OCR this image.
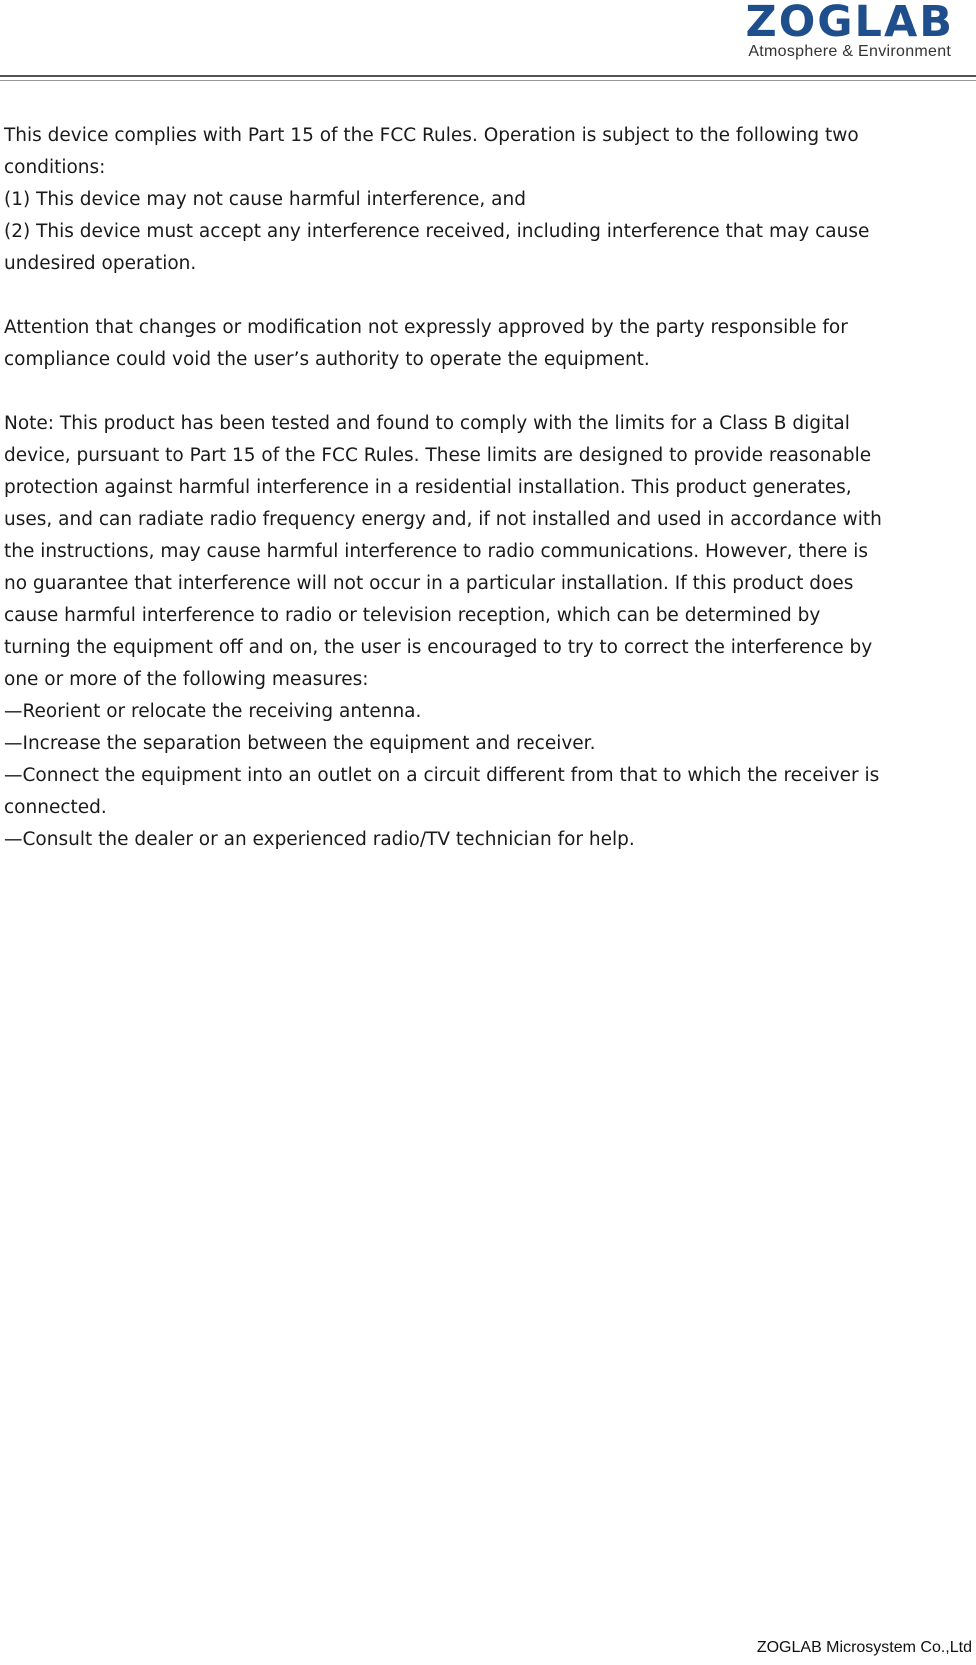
ZOGLAB
Atmosphere & Environment
This device complies with Part 15 of the FCC Rules. Operation is subject to the following two
conditions:
(1) This device may not cause harmful interference, and
(2) This device must accept any interference received, including interference that may cause
undesired operation.
Attention that changes or modification not expressly approved by the party responsible for
compliance could void the user’s authority to operate the equipment.
Note: This product has been tested and found to comply with the limits for a Class B digital
device, pursuant to Part 15 of the FCC Rules. These limits are designed to provide reasonable
protection against harmful interference in a residential installation. This product generates,
uses, and can radiate radio frequency energy and, if not installed and used in accordance with
the instructions, may cause harmful interference to radio communications. However, there is
no guarantee that interference will not occur in a particular installation. If this product does
cause harmful interference to radio or television reception, which can be determined by
turning the equipment off and on, the user is encouraged to try to correct the interference by
one or more of the following measures:
—Reorient or relocate the receiving antenna.
—Increase the separation between the equipment and receiver.
—Connect the equipment into an outlet on a circuit different from that to which the receiver is
connected.
—Consult the dealer or an experienced radio/TV technician for help.
ZOGLAB Microsystem Co.,Ltd
